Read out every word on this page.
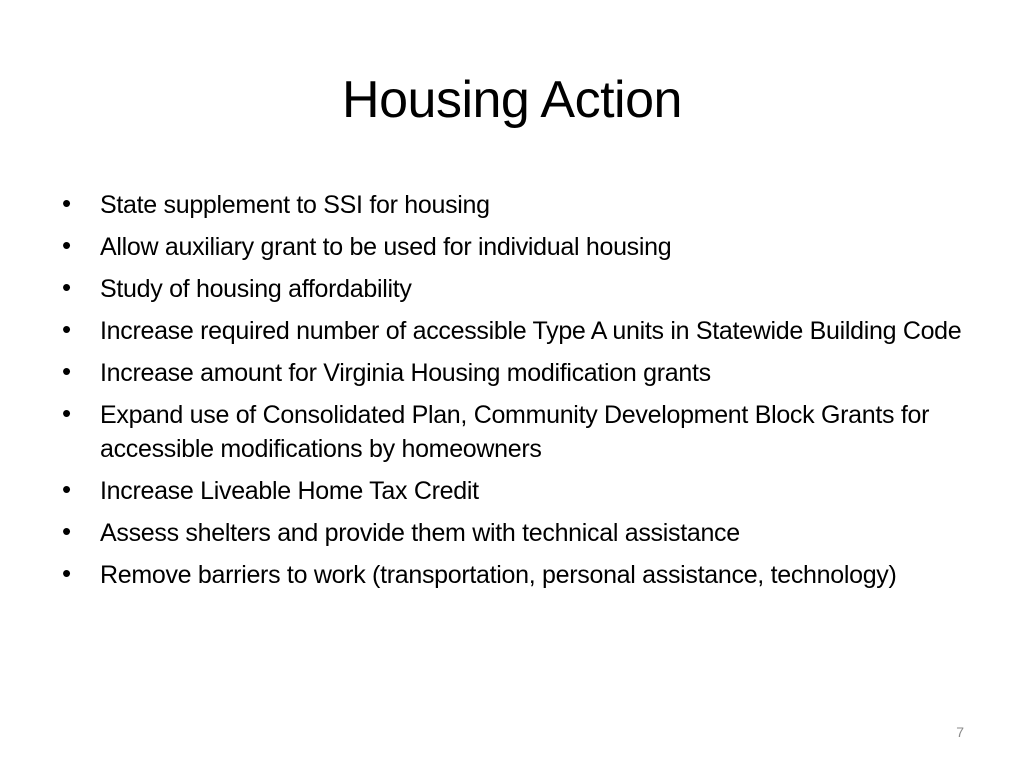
Housing Action
• State supplement to SSI for housing
• Allow auxiliary grant to be used for individual housing
• Study of housing affordability
• Increase required number of accessible Type A units in Statewide Building Code
• Increase amount for Virginia Housing modification grants
• Expand use of Consolidated Plan, Community Development Block Grants for accessible modifications by homeowners
• Increase Liveable Home Tax Credit
• Assess shelters and provide them with technical assistance
• Remove barriers to work (transportation, personal assistance, technology)
7
